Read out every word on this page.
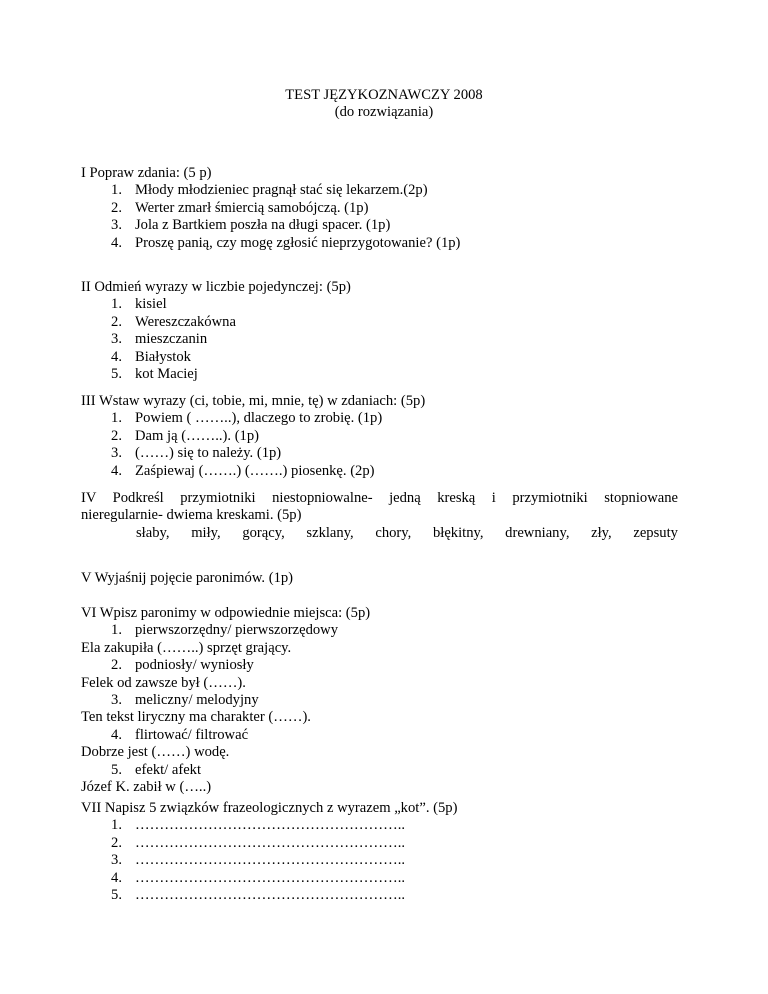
TEST JĘZYKOZNAWCZY 2008
(do rozwiązania)
I Popraw zdania: (5 p)
1. Młody młodzieniec pragnął stać się lekarzem.(2p)
2. Werter zmarł śmiercią samobójczą. (1p)
3. Jola z Bartkiem poszła na długi spacer. (1p)
4. Proszę panią, czy mogę zgłosić nieprzygotowanie? (1p)
II Odmień wyrazy w liczbie pojedynczej: (5p)
1. kisiel
2. Wereszczakówna
3. mieszczanin
4. Białystok
5. kot Maciej
III Wstaw wyrazy (ci, tobie, mi, mnie, tę) w zdaniach: (5p)
1. Powiem ( ……..), dlaczego to zrobię. (1p)
2. Dam ją (……..). (1p)
3. (……) się to należy. (1p)
4. Zaśpiewaj (…….) (…….) piosenkę. (2p)
IV Podkreśl przymiotniki niestopniowalne- jedną kreską i przymiotniki stopniowane
nieregularnie- dwiema kreskami. (5p)
słaby, miły, gorący, szklany, chory, błękitny, drewniany, zły, zepsuty
V Wyjaśnij pojęcie paronimów. (1p)
VI Wpisz paronimy w odpowiednie miejsca: (5p)
1. pierwszorzędny/ pierwszorzędowy
Ela zakupiła (……..) sprzęt grający.
2. podniosły/ wyniosły
Felek od zawsze był (……).
3. meliczny/ melodyjny
Ten tekst liryczny ma charakter (……).
4. flirtować/ filtrować
Dobrze jest (……) wodę.
5. efekt/ afekt
Józef K. zabił w (…..)
VII Napisz 5 związków frazeologicznych z wyrazem „kot”. (5p)
1. ………………………………………………..
2. ………………………………………………..
3. ………………………………………………..
4. ………………………………………………..
5. ………………………………………………..
